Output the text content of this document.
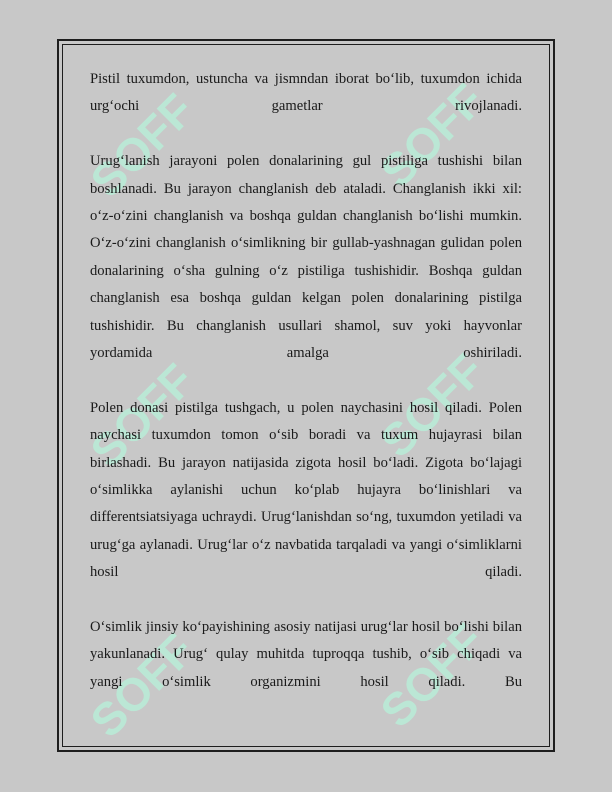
SOFF	SOFF
SOFF	SOFF
SOFF	SOFF

Pistil tuxumdon, ustuncha va jismndan iborat bo‘lib, tuxumdon ichida urg‘ochi gametlar rivojlanadi.

Urug‘lanish jarayoni polen donalarining gul pistiliga tushishi bilan boshlanadi. Bu jarayon changlanish deb ataladi. Changlanish ikki xil: o‘z-o‘zini changlanish va boshqa guldan changlanish bo‘lishi mumkin. O‘z-o‘zini changlanish o‘simlikning bir gullab-yashnagan gulidan polen donalarining o‘sha gulning o‘z pistiligа tushishidir. Boshqa guldan changlanish esa boshqa guldan kelgan polen donalarining pistilga tushishidir. Bu changlanish usullari shamol, suv yoki hayvonlar yordamida amalga oshiriladi.

Polen donasi pistilga tushgach, u polen naychasini hosil qiladi. Polen naychasi tuxumdon tomon o‘sib boradi va tuxum hujayrasi bilan birlashadi. Bu jarayon natijasida zigota hosil bo‘ladi. Zigota bo‘lajagi o‘simlikka aylanishi uchun ko‘plab hujayra bo‘linishlari va differentsiatsiyaga uchraydi. Urug‘lanishdan so‘ng, tuxumdon yetiladi va urug‘ga aylanadi. Urug‘lar o‘z navbatida tarqaladi va yangi o‘simliklarni hosil qiladi.

O‘simlik jinsiy ko‘payishining asosiy natijasi urug‘lar hosil bo‘lishi bilan yakunlanadi. Urug‘ qulay muhitda tuproqqa tushib, o‘sib chiqadi va yangi o‘simlik organizmini hosil qiladi. Bu
